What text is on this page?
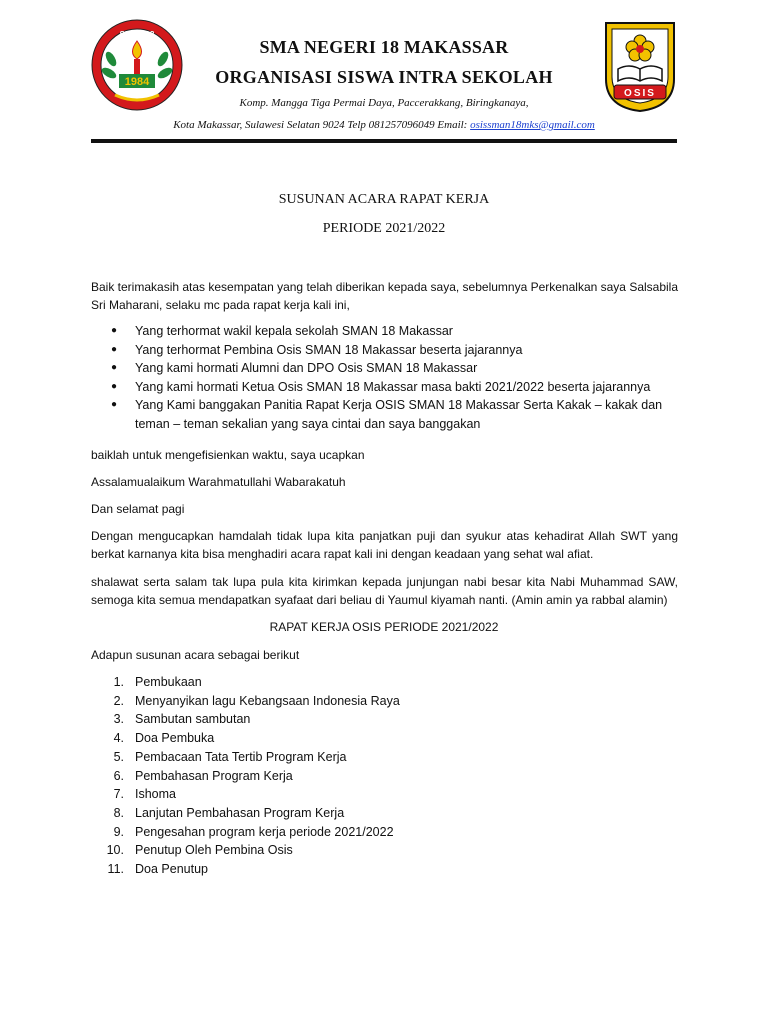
1984
SMAN 18
OSIS
SMA NEGERI 18 MAKASSAR
ORGANISASI SISWA INTRA SEKOLAH
Komp. Mangga Tiga Permai Daya, Paccerakkang, Biringkanaya,
Kota Makassar, Sulawesi Selatan 9024 Telp 081257096049 Email: osissman18mks@gmail.com
SUSUNAN ACARA RAPAT KERJA
PERIODE 2021/2022

Baik terimakasih atas kesempatan yang telah diberikan kepada saya, sebelumnya Perkenalkan saya Salsabila Sri Maharani, selaku mc pada rapat kerja kali ini,

● Yang terhormat wakil kepala sekolah SMAN 18 Makassar
● Yang terhormat Pembina Osis SMAN 18 Makassar beserta jajarannya
● Yang kami hormati Alumni dan DPO Osis SMAN 18 Makassar
● Yang kami hormati Ketua Osis SMAN 18 Makassar masa bakti 2021/2022 beserta jajarannya
● Yang Kami banggakan Panitia Rapat Kerja OSIS SMAN 18 Makassar Serta Kakak – kakak dan teman – teman sekalian yang saya cintai dan saya banggakan

baiklah untuk mengefisienkan waktu, saya ucapkan

Assalamualaikum Warahmatullahi Wabarakatuh

Dan selamat pagi

Dengan mengucapkan hamdalah tidak lupa kita panjatkan puji dan syukur atas kehadirat Allah SWT yang berkat karnanya kita bisa menghadiri acara rapat kali ini dengan keadaan yang sehat wal afiat.

shalawat serta salam tak lupa pula kita kirimkan kepada junjungan nabi besar kita Nabi Muhammad SAW, semoga kita semua mendapatkan syafaat dari beliau di Yaumul kiyamah nanti. (Amin amin ya rabbal alamin)

RAPAT KERJA OSIS PERIODE 2021/2022

Adapun susunan acara sebagai berikut

1. Pembukaan
2. Menyanyikan lagu Kebangsaan Indonesia Raya
3. Sambutan sambutan
4. Doa Pembuka
5. Pembacaan Tata Tertib Program Kerja
6. Pembahasan Program Kerja
7. Ishoma
8. Lanjutan Pembahasan Program Kerja
9. Pengesahan program kerja periode 2021/2022
10. Penutup Oleh Pembina Osis
11. Doa Penutup
